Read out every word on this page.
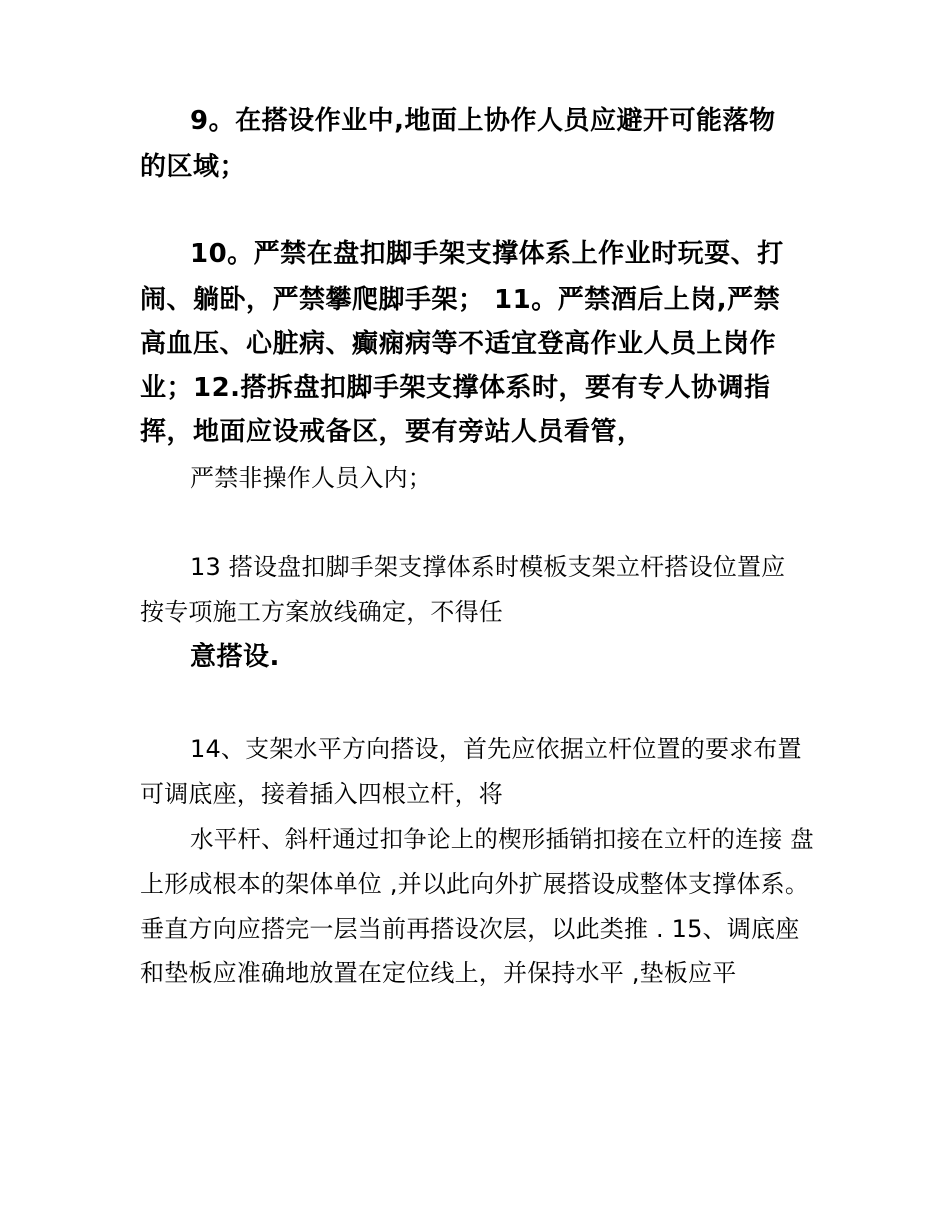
9。在搭设作业中,地面上协作人员应避开可能落物
的区域；
10。严禁在盘扣脚手架支撑体系上作业时玩耍、打
闹、躺卧，严禁攀爬脚手架； 11。严禁酒后上岗,严禁
高血压、心脏病、癫痫病等不适宜登高作业人员上岗作
业；12.搭拆盘扣脚手架支撑体系时，要有专人协调指
挥，地面应设戒备区，要有旁站人员看管，
严禁非操作人员入内；
13 搭设盘扣脚手架支撑体系时模板支架立杆搭设位置应
按专项施工方案放线确定，不得任
意搭设.
14、支架水平方向搭设，首先应依据立杆位置的要求布置
可调底座，接着插入四根立杆，将
水平杆、斜杆通过扣争论上的楔形插销扣接在立杆的连接 盘
上形成根本的架体单位 ,并以此向外扩展搭设成整体支撑体系。
垂直方向应搭完一层当前再搭设次层，以此类推 . 15、调底座
和垫板应准确地放置在定位线上，并保持水平 ,垫板应平
